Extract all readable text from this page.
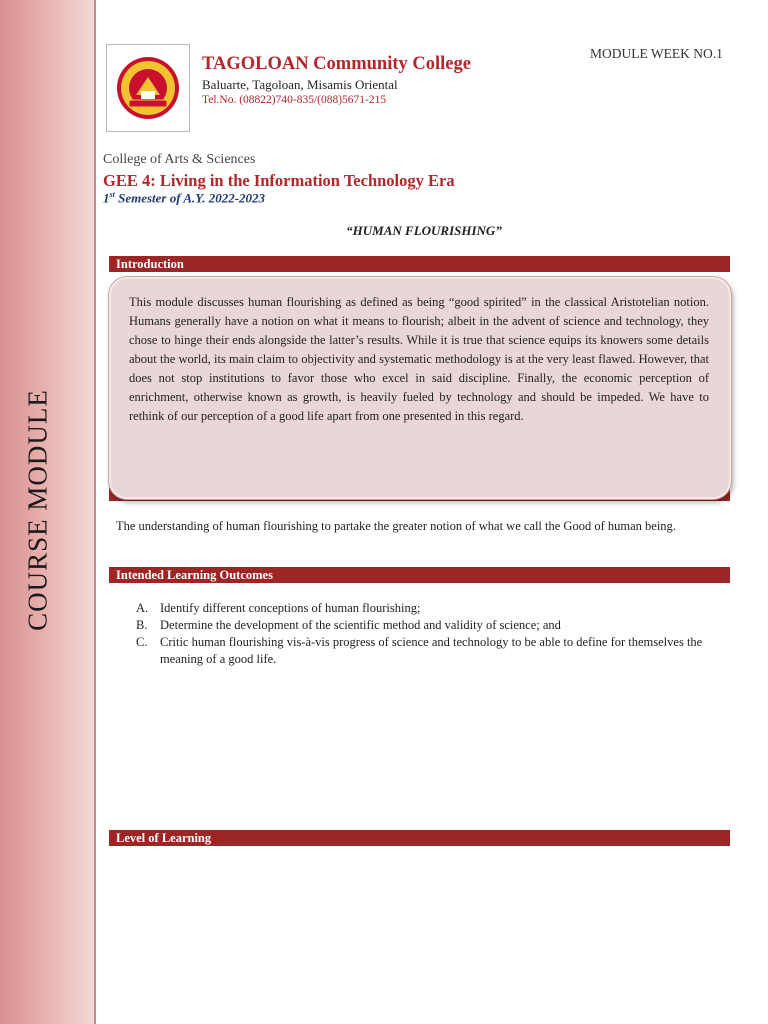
COURSE MODULE
MODULE WEEK NO.1
TAGOLOAN Community College
Baluarte, Tagoloan, Misamis Oriental
Tel.No. (08822)740-835/(088)5671-215
College of Arts & Sciences
GEE 4: Living in the Information Technology Era
1st Semester of A.Y. 2022-2023
“HUMAN FLOURISHING”
Introduction

This module discusses human flourishing as defined as being “good spirited” in the classical Aristotelian notion. Humans generally have a notion on what it means to flourish; albeit in the advent of science and technology, they chose to hinge their ends alongside the latter’s results. While it is true that science equips its knowers some details about the world, its main claim to objectivity and systematic methodology is at the very least flawed. However, that does not stop institutions to favor those who excel in said discipline. Finally, the economic perception of enrichment, otherwise known as growth, is heavily fueled by technology and should be impeded. We have to rethink of our perception of a good life apart from one presented in this regard.

The understanding of human flourishing to partake the greater notion of what we call the Good of human being.
Intended Learning Outcomes
A. Identify different conceptions of human flourishing;
B.	Determine the development of the scientific method and validity of science; and
C.	Critic human flourishing vis-à-vis progress of science and technology to be able to define for themselves the meaning of a good life.
Level of Learning
